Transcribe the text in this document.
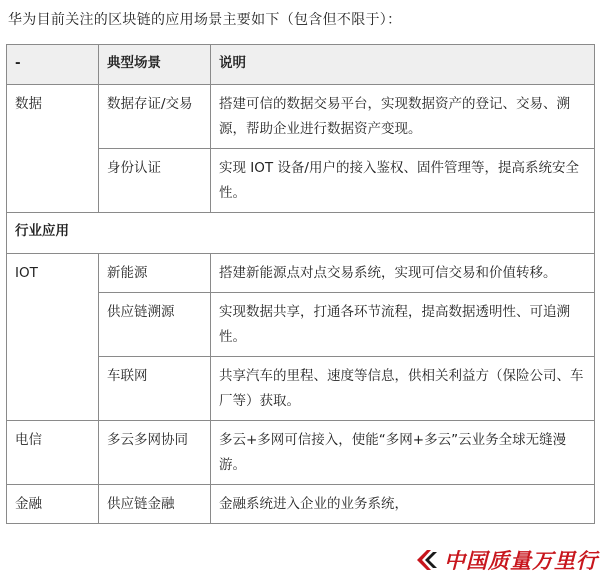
华为目前关注的区块链的应用场景主要如下（包含但不限于）：
-	典型场景	说明
数据	数据存证/交易	搭建可信的数据交易平台，实现数据资产的登记、交易、溯源，帮助企业进行数据资产变现。
	身份认证	实现 IOT 设备/用户的接入鉴权、固件管理等，提高系统安全性。
行业应用		
IOT	新能源	搭建新能源点对点交易系统，实现可信交易和价值转移。
	供应链溯源	实现数据共享，打通各环节流程，提高数据透明性、可追溯性。
	车联网	共享汽车的里程、速度等信息，供相关利益方（保险公司、车厂等）获取。
电信	多云多网协同	多云+多网可信接入，使能“多网+多云”云业务全球无缝漫游。
金融	供应链金融	金融系统进入企业的业务系统，
中国质量万里行
